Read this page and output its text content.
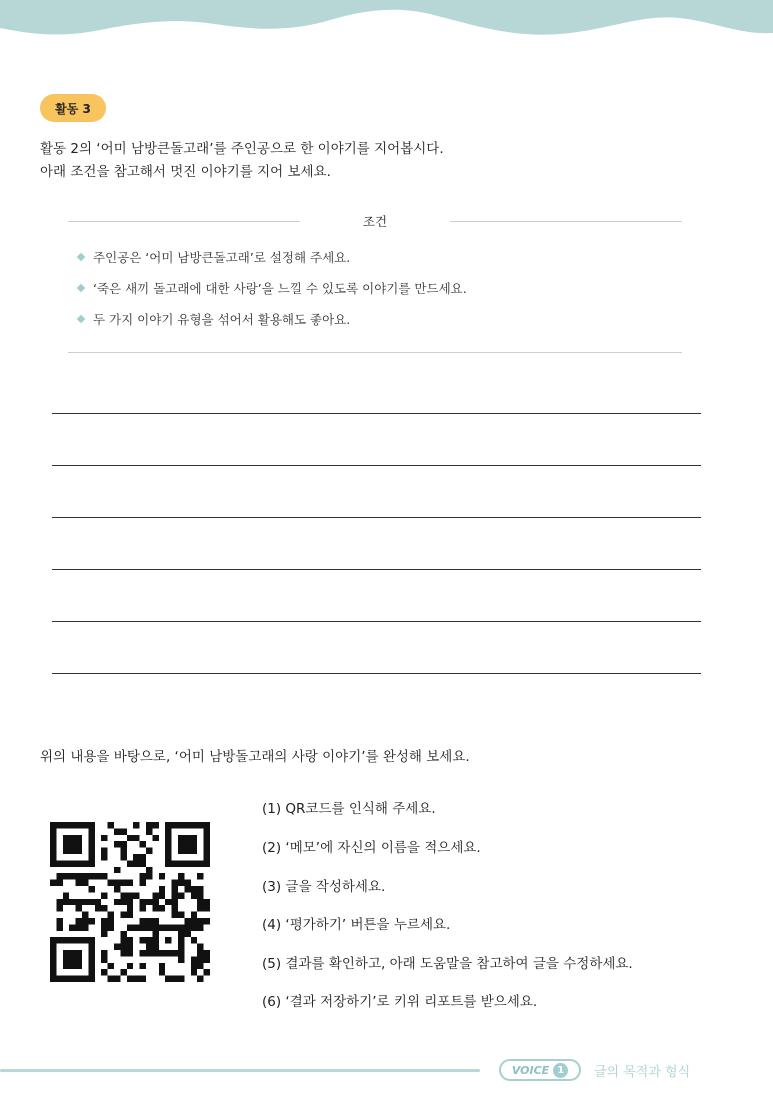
활동 3
활동 2의 ‘어미 남방큰돌고래’를 주인공으로 한 이야기를 지어봅시다.
아래 조건을 참고해서 멋진 이야기를 지어 보세요.
조건
주인공은 ‘어미 남방큰돌고래’로 설정해 주세요.
‘죽은 새끼 돌고래에 대한 사랑’을 느낄 수 있도록 이야기를 만드세요.
두 가지 이야기 유형을 섞어서 활용해도 좋아요.
위의 내용을 바탕으로, ‘어미 남방돌고래의 사랑 이야기’를 완성해 보세요.
(1) QR코드를 인식해 주세요.
(2) ‘메모’에 자신의 이름을 적으세요.
(3) 글을 작성하세요.
(4) ‘평가하기’ 버튼을 누르세요.
(5) 결과를 확인하고, 아래 도움말을 참고하여 글을 수정하세요.
(6) ‘결과 저장하기’로 키위 리포트를 받으세요.
VOICE 1	글의 목적과 형식
